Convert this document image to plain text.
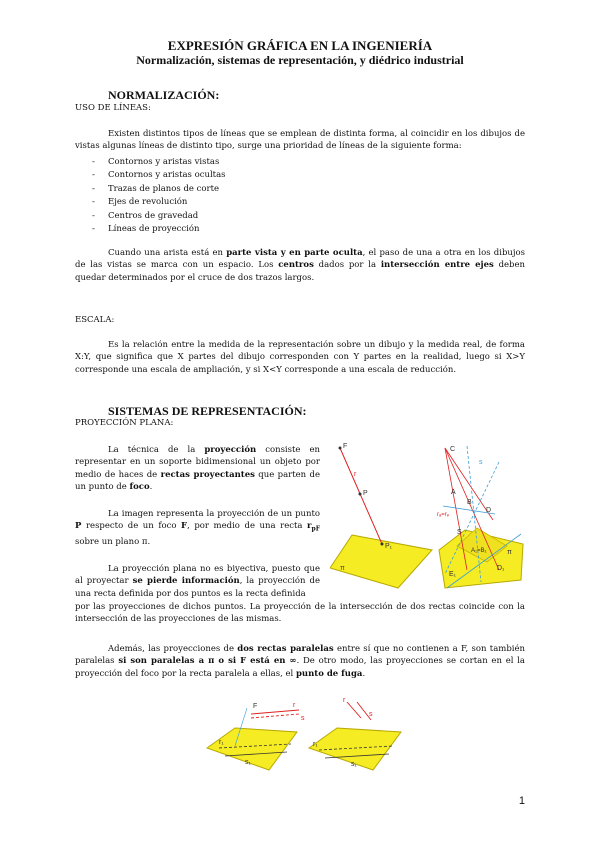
EXPRESIÓN GRÁFICA EN LA INGENIERÍA
Normalización, sistemas de representación, y diédrico industrial
NORMALIZACIÓN:
USO DE LÍNEAS:
Existen distintos tipos de líneas que se emplean de distinta forma, al coincidir en los dibujos de vistas algunas líneas de distinto tipo, surge una prioridad de líneas de la siguiente forma:
- Contornos y aristas vistas
- Contornos y aristas ocultas
- Trazas de planos de corte
- Ejes de revolución
- Centros de gravedad
- Líneas de proyección
Cuando una arista está en parte vista y en parte oculta, el paso de una a otra en los dibujos de las vistas se marca con un espacio. Los centros dados por la intersección entre ejes deben quedar determinados por el cruce de dos trazos largos.
ESCALA:
Es la relación entre la medida de la representación sobre un dibujo y la medida real, de forma X:Y, que significa que X partes del dibujo corresponden con Y partes en la realidad, luego si X>Y corresponde una escala de ampliación, y si X<Y corresponde a una escala de reducción.
SISTEMAS DE REPRESENTACIÓN:
PROYECCIÓN PLANA:
La técnica de la proyección consiste en representar en un soporte bidimensional un objeto por medio de haces de rectas proyectantes que parten de un punto de foco.
La imagen representa la proyección de un punto P respecto de un foco F, por medio de una recta $r_{pF}$ sobre un plano π.
La proyección plana no es biyectiva, puesto que al proyectar se pierde información, la proyección de una recta definida por dos puntos es la recta definida
por las proyecciones de dichos puntos. La proyección de la intersección de dos rectas coincide con la intersección de las proyecciones de las mismas.
Además, las proyecciones de dos rectas paralelas entre sí que no contienen a F, son también paralelas si son paralelas a π o si F está en ∞. De otro modo, las proyecciones se cortan en el la proyección del foco por la recta paralela a ellas, el punto de fuga.
F
P
P₁
r
π
C
A
B
D
S
rₐ=rₚ
A₁=B₁
D₁
E₁
π
s
F	r
s
r₁
s₁
r
s
r₁
s₁
1
